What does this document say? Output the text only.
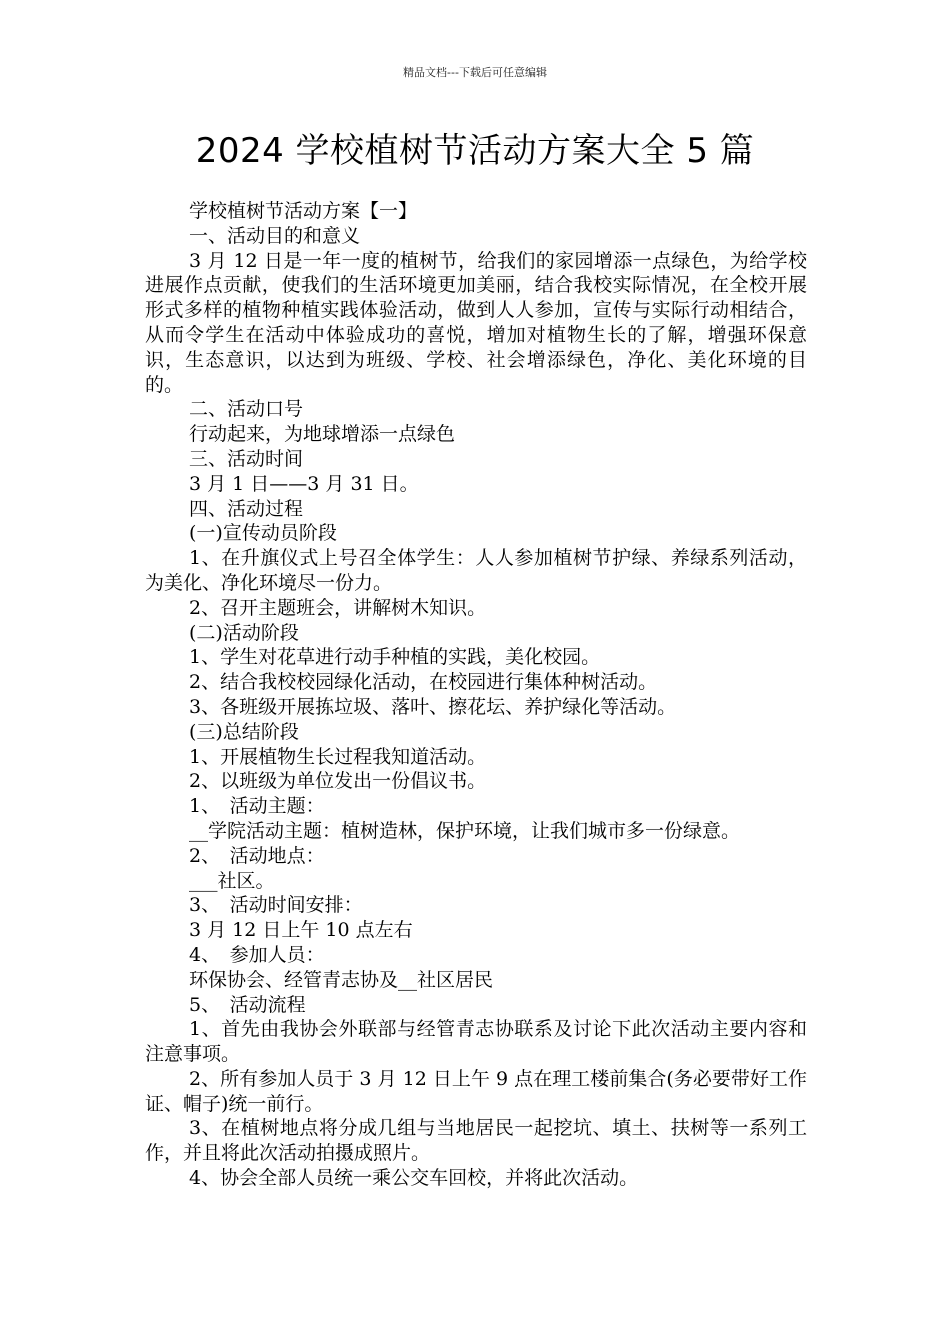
精品文档---下载后可任意编辑
2024 学校植树节活动方案大全 5 篇

学校植树节活动方案【一】

一、活动目的和意义

3 月 12 日是一年一度的植树节，给我们的家园增添一点绿色，为给学校进展作点贡献，使我们的生活环境更加美丽，结合我校实际情况，在全校开展形式多样的植物种植实践体验活动，做到人人参加，宣传与实际行动相结合，从而令学生在活动中体验成功的喜悦，增加对植物生长的了解，增强环保意识，生态意识，以达到为班级、学校、社会增添绿色，净化、美化环境的目的。

二、活动口号

行动起来，为地球增添一点绿色

三、活动时间

3 月 1 日——3 月 31 日。

四、活动过程

(一)宣传动员阶段

1、在升旗仪式上号召全体学生：人人参加植树节护绿、养绿系列活动，为美化、净化环境尽一份力。

2、召开主题班会，讲解树木知识。

(二)活动阶段

1、学生对花草进行动手种植的实践，美化校园。

2、结合我校校园绿化活动，在校园进行集体种树活动。

3、各班级开展拣垃圾、落叶、擦花坛、养护绿化等活动。

(三)总结阶段

1、开展植物生长过程我知道活动。

2、以班级为单位发出一份倡议书。

1、　活动主题：

__学院活动主题：植树造林，保护环境，让我们城市多一份绿意。

2、　活动地点：

___社区。

3、　活动时间安排：

3 月 12 日上午 10 点左右

4、　参加人员：

环保协会、经管青志协及__社区居民

5、　活动流程

1、首先由我协会外联部与经管青志协联系及讨论下此次活动主要内容和注意事项。

2、所有参加人员于 3 月 12 日上午 9 点在理工楼前集合(务必要带好工作证、帽子)统一前行。

3、在植树地点将分成几组与当地居民一起挖坑、填土、扶树等一系列工作，并且将此次活动拍摄成照片。

4、协会全部人员统一乘公交车回校，并将此次活动。
